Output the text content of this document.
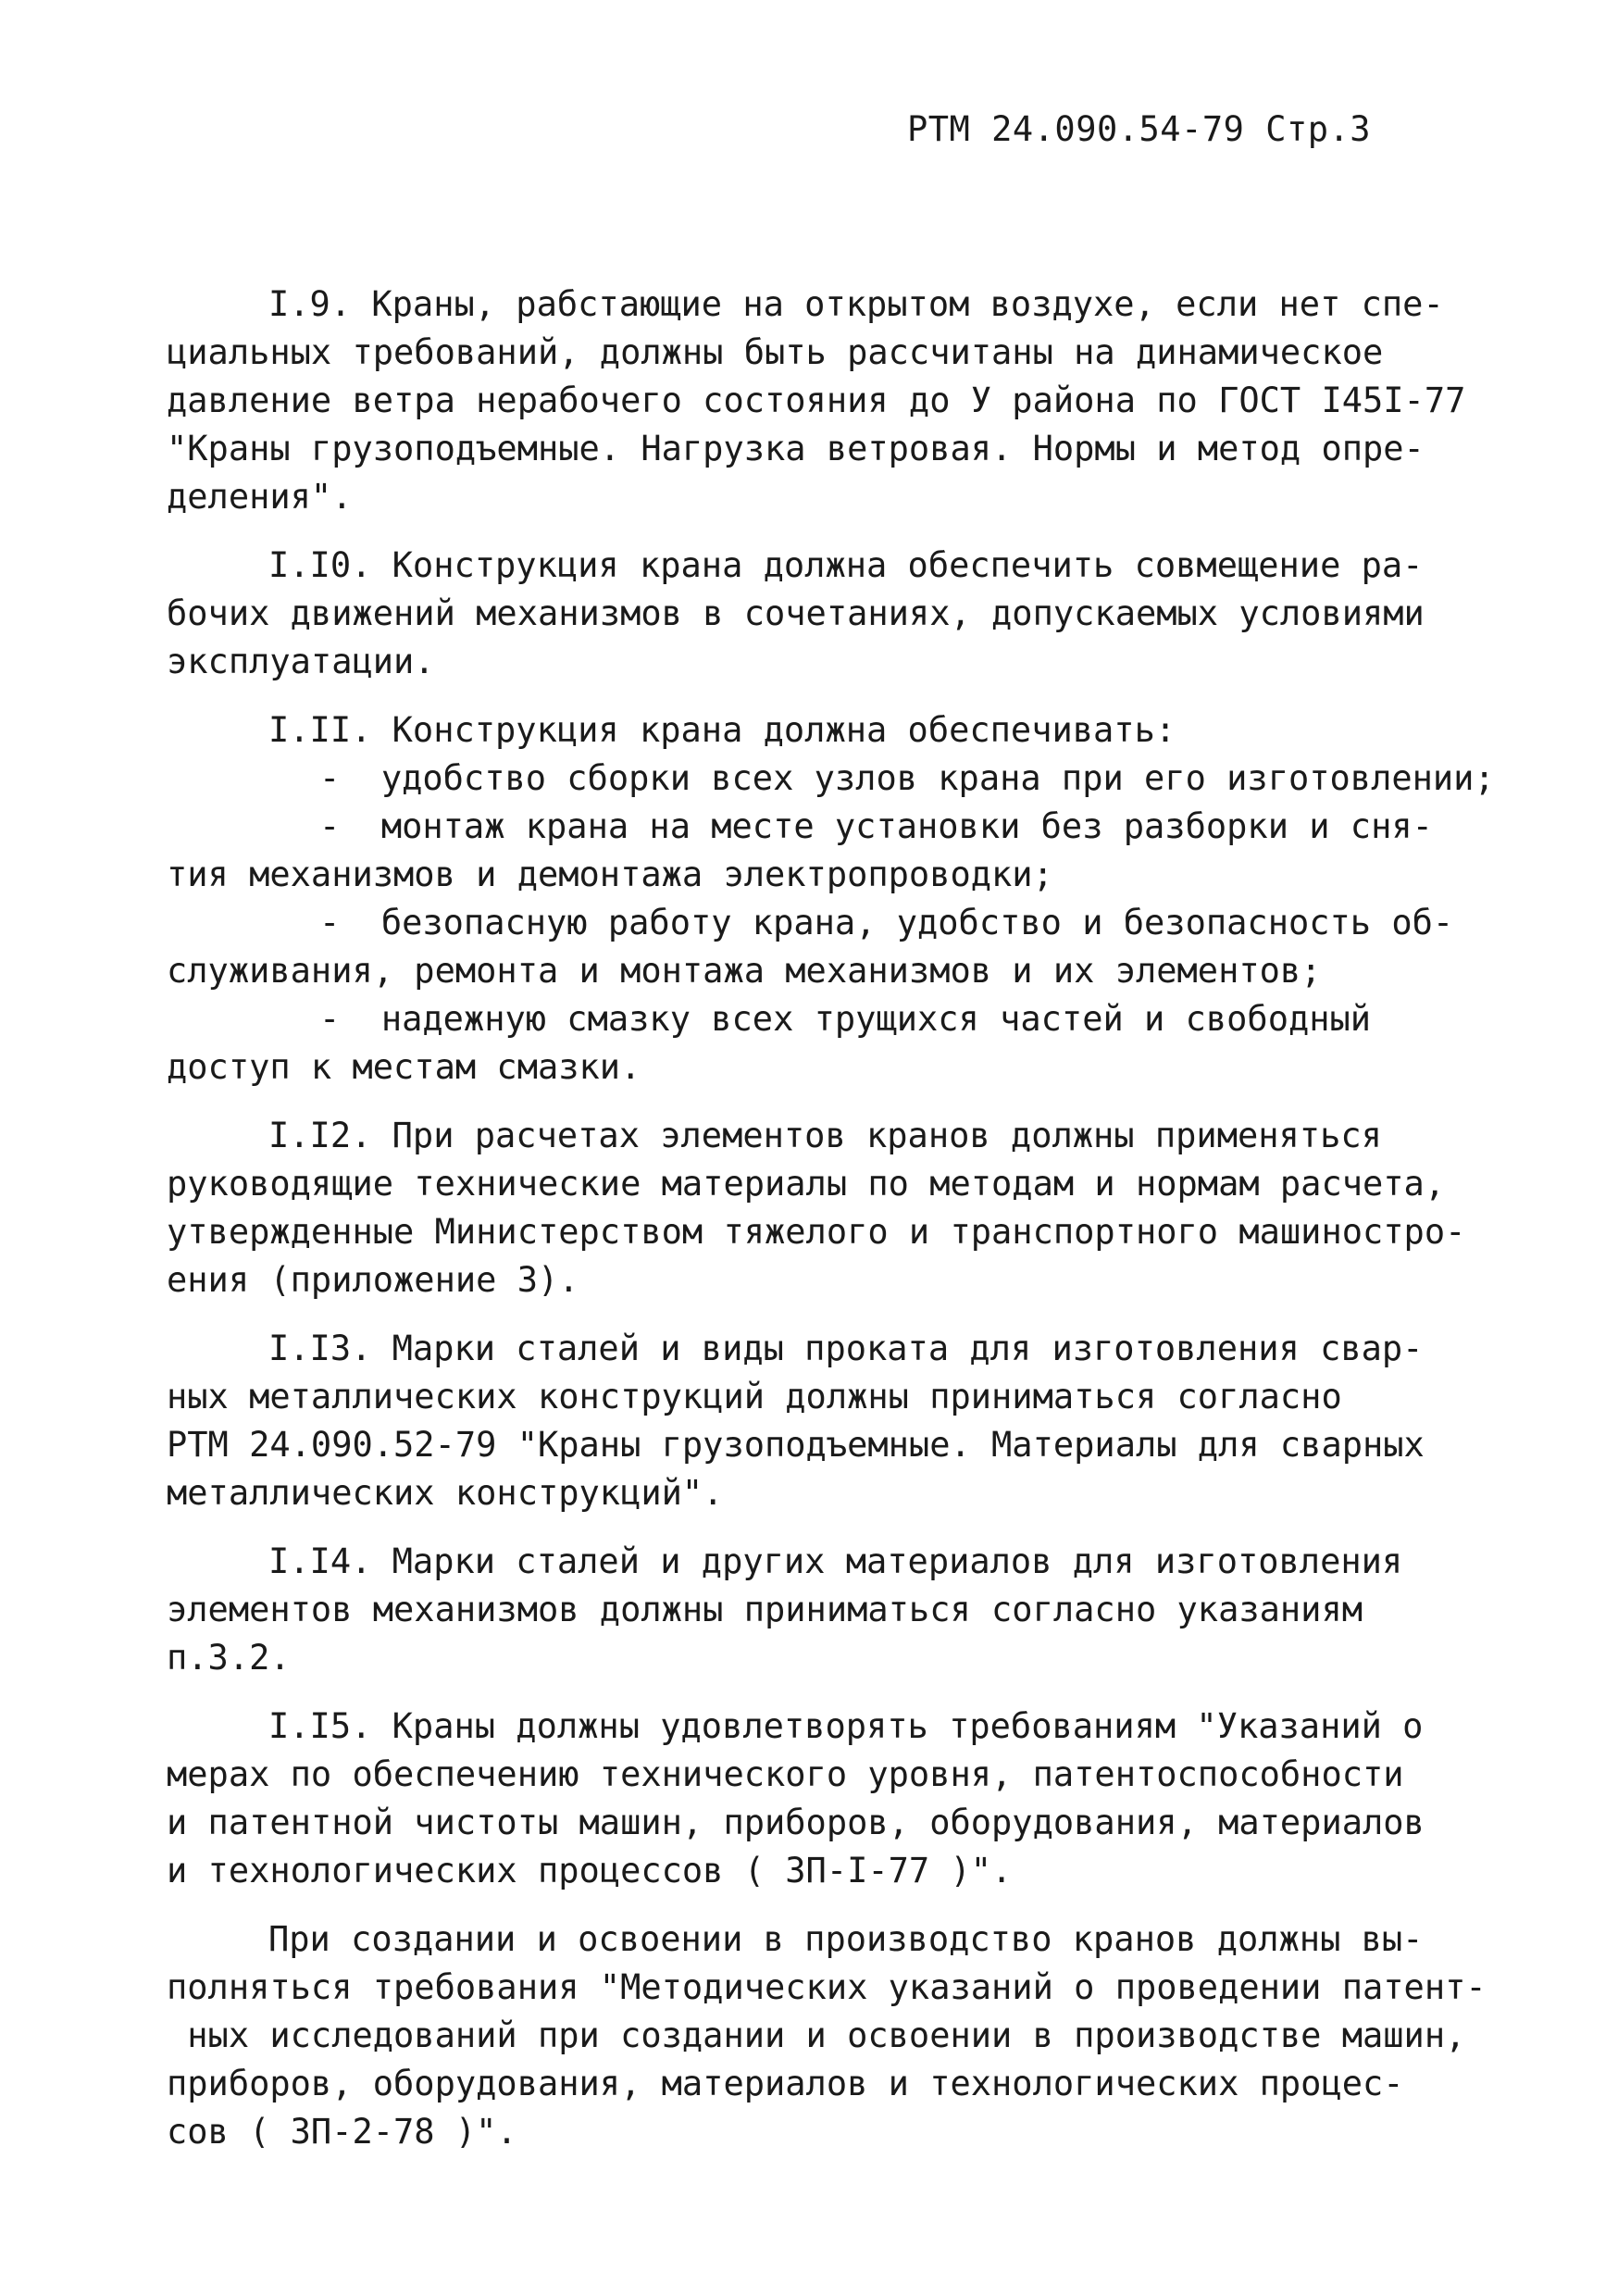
РТМ 24.090.54-79 Стр.3
I.9. Краны, рабстающие на открытом воздухе, если нет спе-
циальных требований, должны быть рассчитаны на динамическое
давление ветра нерабочего состояния до У района по ГОСТ I45I-77
"Краны грузоподъемные. Нагрузка ветровая. Нормы и метод опре-
деления".
I.I0. Конструкция крана должна обеспечить совмещение ра-
бочих движений механизмов в сочетаниях, допускаемых условиями
эксплуатации.
I.II. Конструкция крана должна обеспечивать:
-  удобство сборки всех узлов крана при его изготовлении;
-  монтаж крана на месте установки без разборки и сня-
тия механизмов и демонтажа электропроводки;
-  безопасную работу крана, удобство и безопасность об-
служивания, ремонта и монтажа механизмов и их элементов;
-  надежную смазку всех трущихся частей и свободный
доступ к местам смазки.
I.I2. При расчетах элементов кранов должны применяться
руководящие технические материалы по методам и нормам расчета,
утвержденные Министерством тяжелого и транспортного машиностро-
ения (приложение 3).
I.I3. Марки сталей и виды проката для изготовления свар-
ных металлических конструкций должны приниматься согласно
РТМ 24.090.52-79 "Краны грузоподъемные. Материалы для сварных
металлических конструкций".
I.I4. Марки сталей и других материалов для изготовления
элементов механизмов должны приниматься согласно указаниям
п.3.2.
I.I5. Краны должны удовлетворять требованиям "Указаний о
мерах по обеспечению технического уровня, патентоспособности
и патентной чистоты машин, приборов, оборудования, материалов
и технологических процессов ( ЗП-I-77 )".
При создании и освоении в производство кранов должны вы-
полняться требования "Методических указаний о проведении патент-
ных исследований при создании и освоении в производстве машин,
приборов, оборудования, материалов и технологических процес-
сов ( ЗП-2-78 )".
